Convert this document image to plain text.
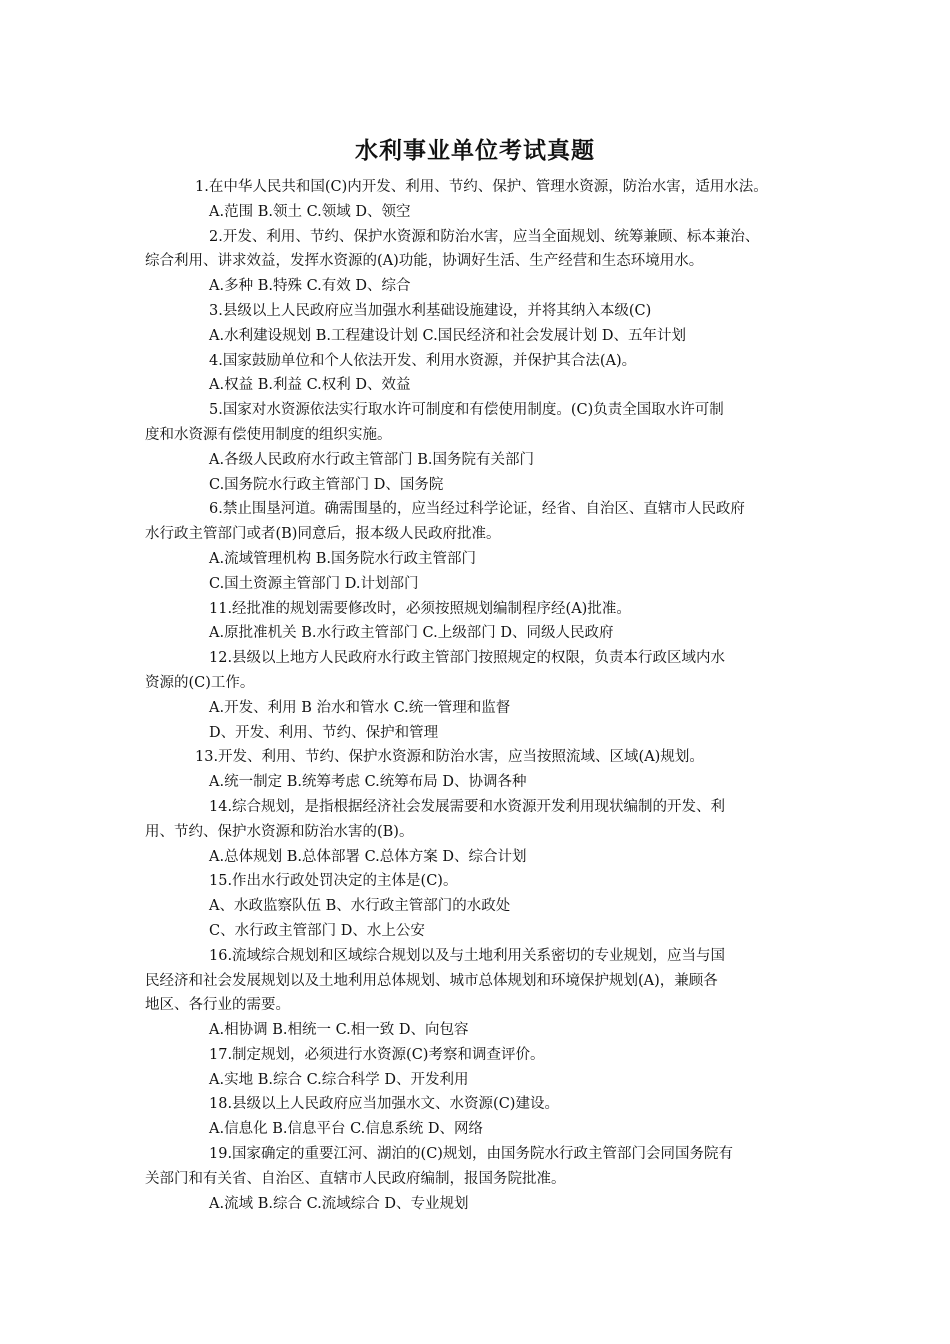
水利事业单位考试真题

1.在中华人民共和国(C)内开发、利用、节约、保护、管理水资源，防治水害，适用水法。

A.范围 B.领土 C.领域 D、领空

2.开发、利用、节约、保护水资源和防治水害，应当全面规划、统筹兼顾、标本兼治、

综合利用、讲求效益，发挥水资源的(A)功能，协调好生活、生产经营和生态环境用水。

A.多种 B.特殊 C.有效 D、综合

3.县级以上人民政府应当加强水利基础设施建设，并将其纳入本级(C)

A.水利建设规划 B.工程建设计划 C.国民经济和社会发展计划 D、五年计划

4.国家鼓励单位和个人依法开发、利用水资源，并保护其合法(A)。

A.权益 B.利益 C.权利 D、效益

5.国家对水资源依法实行取水许可制度和有偿使用制度。(C)负责全国取水许可制

度和水资源有偿使用制度的组织实施。

A.各级人民政府水行政主管部门 B.国务院有关部门

C.国务院水行政主管部门 D、国务院

6.禁止围垦河道。确需围垦的，应当经过科学论证，经省、自治区、直辖市人民政府

水行政主管部门或者(B)同意后，报本级人民政府批准。

A.流域管理机构 B.国务院水行政主管部门

C.国土资源主管部门 D.计划部门

11.经批准的规划需要修改时，必须按照规划编制程序经(A)批准。

A.原批准机关 B.水行政主管部门 C.上级部门 D、同级人民政府

12.县级以上地方人民政府水行政主管部门按照规定的权限，负责本行政区域内水

资源的(C)工作。

A.开发、利用 B 治水和管水 C.统一管理和监督

D、开发、利用、节约、保护和管理

13.开发、利用、节约、保护水资源和防治水害，应当按照流域、区域(A)规划。

A.统一制定 B.统筹考虑 C.统筹布局 D、协调各种

14.综合规划，是指根据经济社会发展需要和水资源开发利用现状编制的开发、利

用、节约、保护水资源和防治水害的(B)。

A.总体规划 B.总体部署 C.总体方案 D、综合计划

15.作出水行政处罚决定的主体是(C)。

A、水政监察队伍 B、水行政主管部门的水政处

C、水行政主管部门 D、水上公安

16.流域综合规划和区域综合规划以及与土地利用关系密切的专业规划，应当与国

民经济和社会发展规划以及土地利用总体规划、城市总体规划和环境保护规划(A)，兼顾各

地区、各行业的需要。

A.相协调 B.相统一 C.相一致 D、向包容

17.制定规划，必须进行水资源(C)考察和调查评价。

A.实地 B.综合 C.综合科学 D、开发利用

18.县级以上人民政府应当加强水文、水资源(C)建设。

A.信息化 B.信息平台 C.信息系统 D、网络

19.国家确定的重要江河、湖泊的(C)规划，由国务院水行政主管部门会同国务院有

关部门和有关省、自治区、直辖市人民政府编制，报国务院批准。

A.流域 B.综合 C.流域综合 D、专业规划
